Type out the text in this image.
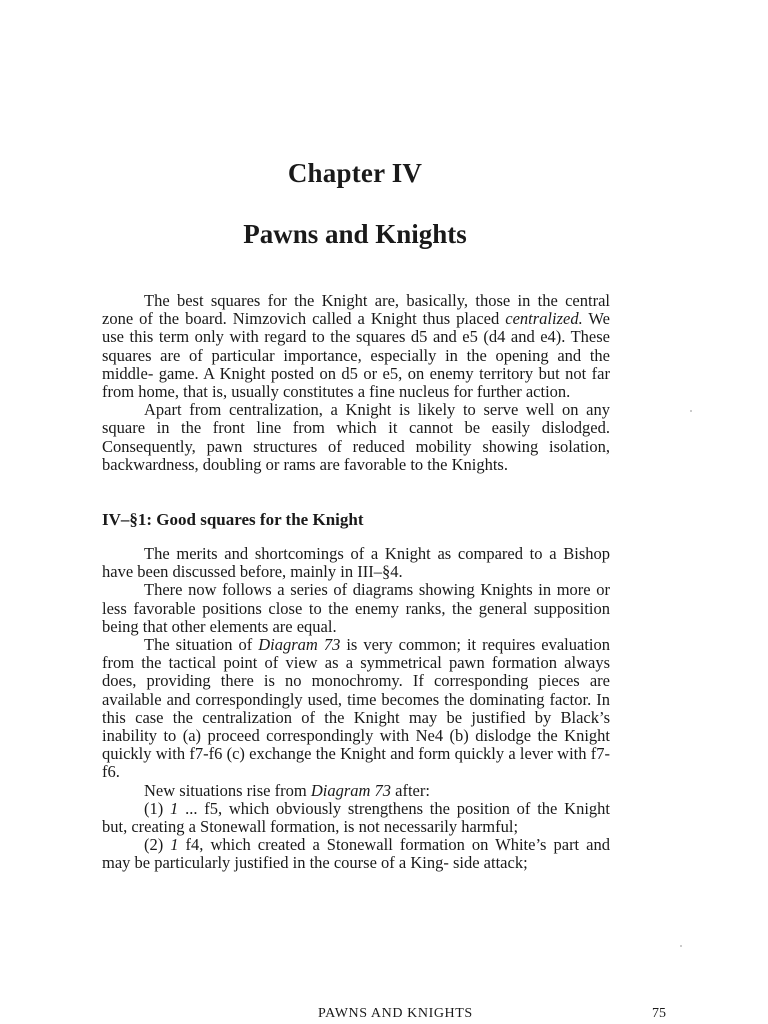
Chapter IV
Pawns and Knights

The best squares for the Knight are, basically, those in the central zone of the board. Nimzovich called a Knight thus placed centralized. We use this term only with regard to the squares d5 and e5 (d4 and e4). These squares are of particular importance, especially in the opening and the middle- game. A Knight posted on d5 or e5, on enemy territory but not far from home, that is, usually constitutes a fine nucleus for further action.

Apart from centralization, a Knight is likely to serve well on any square in the front line from which it cannot be easily dislodged. Consequently, pawn structures of reduced mobility showing isolation, backwardness, doubling or rams are favorable to the Knights.

IV–§1: Good squares for the Knight

The merits and shortcomings of a Knight as compared to a Bishop have been discussed before, mainly in III–§4.

There now follows a series of diagrams showing Knights in more or less favorable positions close to the enemy ranks, the general supposition being that other elements are equal.

The situation of Diagram 73 is very common; it requires evaluation from the tactical point of view as a symmetrical pawn formation always does, providing there is no monochromy. If corresponding pieces are available and correspondingly used, time becomes the dominating factor. In this case the centralization of the Knight may be justified by Black’s inability to (a) proceed correspondingly with Ne4 (b) dislodge the Knight quickly with f7-f6 (c) exchange the Knight and form quickly a lever with f7-f6.

New situations rise from Diagram 73 after:

(1) 1 ... f5, which obviously strengthens the position of the Knight but, creating a Stonewall formation, is not necessarily harmful;

(2) 1 f4, which created a Stonewall formation on White’s part and may be particularly justified in the course of a King- side attack;

PAWNS AND KNIGHTS	75
